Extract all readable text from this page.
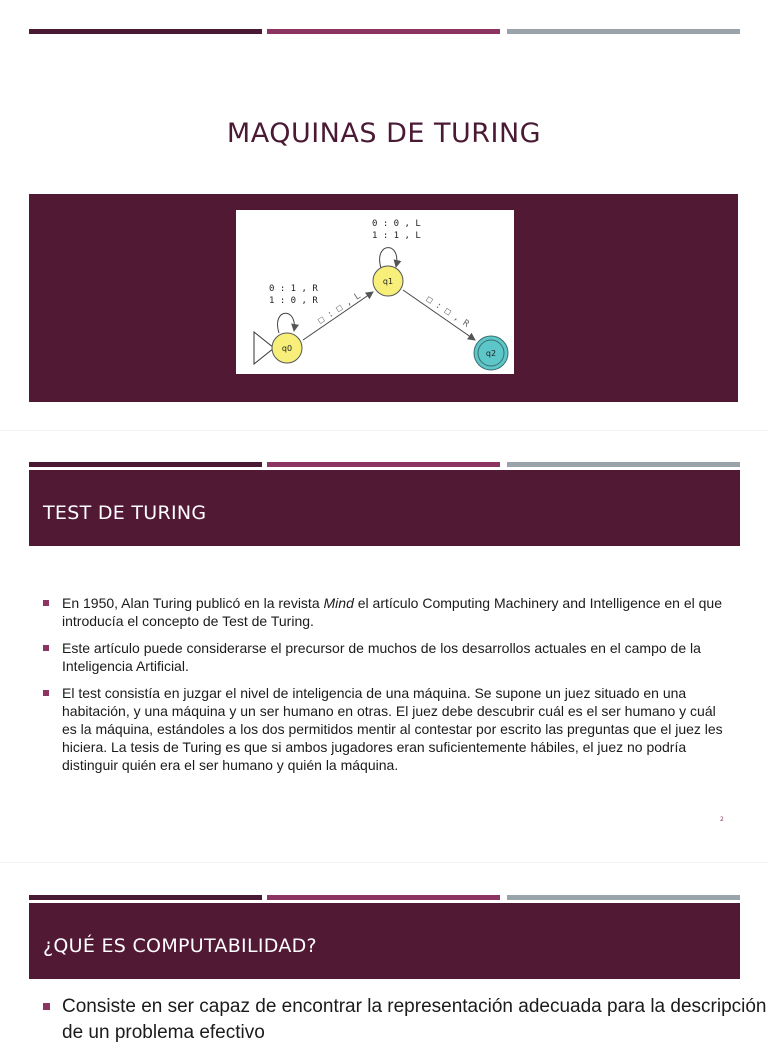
MAQUINAS DE TURING
□ : □ , L	□ : □ , R
0 : 1 , R
1 : 0 , R
0 : 0 , L
1 : 1 , L
q0
q1
q2
TEST DE TURING
En 1950, Alan Turing publicó en la revista Mind el artículo Computing Machinery and Intelligence en el que introducía el concepto de Test de Turing.
Este artículo puede considerarse el precursor de muchos de los desarrollos actuales en el campo de la Inteligencia Artificial.
El test consistía en juzgar el nivel de inteligencia de una máquina. Se supone un juez situado en una habitación, y una máquina y un ser humano en otras. El juez debe descubrir cuál es el ser humano y cuál es la máquina, estándoles a los dos permitidos mentir al contestar por escrito las preguntas que el juez les hiciera. La tesis de Turing es que si ambos jugadores eran suficientemente hábiles, el juez no podría distinguir quién era el ser humano y quién la máquina.
2
¿QUÉ ES COMPUTABILIDAD?
Consiste en ser capaz de encontrar la representación adecuada para la descripción de un problema efectivo
